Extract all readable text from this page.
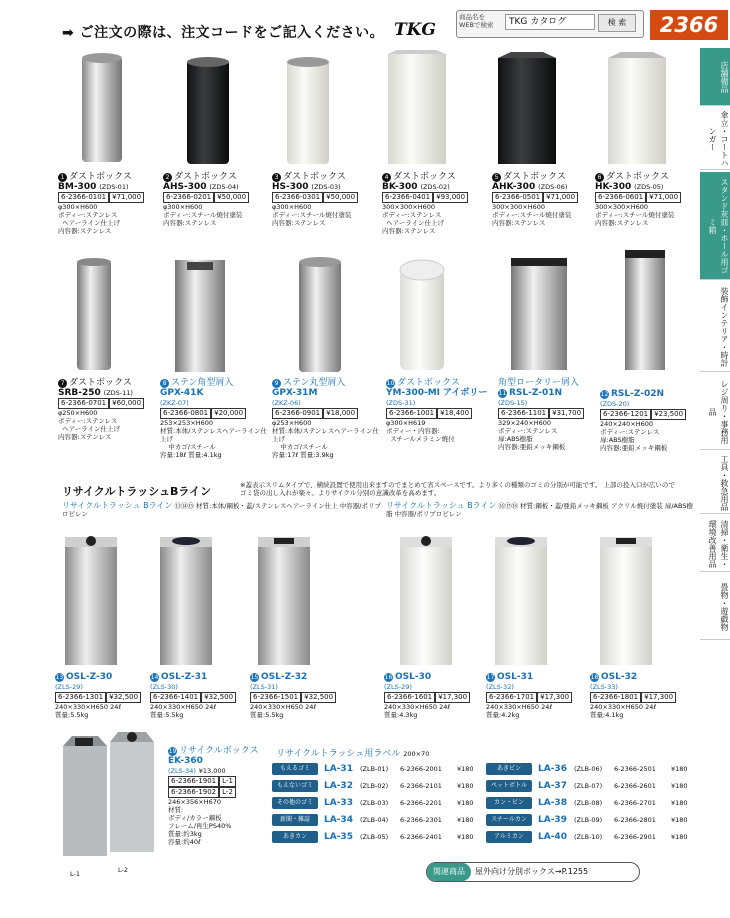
➡ ご注文の際は、注文コードをご記入ください。 TKG
商品名を WEBで検索	TKG カタログ	検 索	2366
店舗備品
傘立・コートハンガー
スタンド灰皿・ホール用ゴミ箱
装飾インテリア・時計
レジ周り・事務用品
工具・救急用品
清掃・衛生・環境改善用品
畳物・遊戯物
1 ダストボックス
BM-300 (ZDS-01)
6-2366-0101 ¥71,000
φ300×H600
ボディー:ステンレス
ヘアーライン仕上げ
内容器:ステンレス
2 ダストボックス
AHS-300 (ZDS-04)
6-2366-0201 ¥50,000
φ300×H600
ボディー:スチール焼付塗装
内容器:ステンレス
3 ダストボックス
HS-300 (ZDS-03)
6-2366-0301 ¥50,000
φ300×H600
ボディー:スチール焼付塗装
内容器:ステンレス
4 ダストボックス
BK-300 (ZDS-02)
6-2366-0401 ¥93,000
300×300×H600
ボディー:ステンレス
ヘアーライン仕上げ
内容器:ステンレス
5 ダストボックス
AHK-300 (ZDS-06)
6-2366-0501 ¥71,000
300×300×H600
ボディー:スチール焼付塗装
内容器:ステンレス
6 ダストボックス
HK-300 (ZDS-05)
6-2366-0601 ¥71,000
300×300×H600
ボディー:スチール焼付塗装
内容器:ステンレス
7 ダストボックス
SRB-250 (ZDS-11)
6-2366-0701 ¥60,000
φ250×H600
ボディー:ステンレス
ヘアーライン仕上げ
内容器:ステンレス
8 ステン角型屑入
GPX-41K
(ZKZ-07)
6-2366-0801 ¥20,000
253×253×H600
材質:本体/ステンレスヘアーライン仕上げ
中カゴ/スチール
容量:18ℓ 質量:4.1kg
9 ステン丸型屑入
GPX-31M
(ZKZ-06)
6-2366-0901 ¥18,000
φ253×H600
材質:本体/ステンレスヘアーライン仕上げ
中カゴ/スチール
容量:17ℓ 質量:3.9kg
10 ダストボックス
YM-300-MI アイボリー
(ZDS-31)
6-2366-1001 ¥18,400
φ300×H619
ボディー・内容器:
スチールメラミン焼付
角型ロータリー屑入
11 RSL-Z-01N
(ZDS-15)
6-2366-1101 ¥31,700
329×240×H600
ボディー:ステンレス
扉:ABS樹脂
内容器:亜鉛メッキ鋼板
12 RSL-Z-02N
(ZDS-20)
6-2366-1201 ¥23,500
240×240×H600
ボディー:ステンレス
扉:ABS樹脂
内容器:亜鉛メッキ鋼板
リサイクルトラッシュBライン	※蓋表示スリムタイプで、横続設置で使用出来ますのでまとめて省スペースです。より多くの種類のゴミの分別が可能です。 上部の投入口が広いのでゴミ袋の出し入れが楽々。よりサイクル分別の意識改革を高めます。
リサイクルトラッシュ Bライン ⑬⑭⑮ 材質:本体/鋼板・蓋/ステンレスヘアーライン仕上 中容器/ポリプロピレン
リサイクルトラッシュ Bライン ⑯⑰⑱ 材質:鋼板・蓋/亜鉛メッキ鋼板 アクリル焼付塗装 扉/ABS樹脂 中容器/ポリプロピレン
13 OSL-Z-30
(ZLS-29)
6-2366-1301 ¥32,500
240×330×H650 24ℓ
質量:5.5kg
14 OSL-Z-31
(ZLS-30)
6-2366-1401 ¥32,500
240×330×H650 24ℓ
質量:5.5kg
15 OSL-Z-32
(ZLS-31)
6-2366-1501 ¥32,500
240×330×H650 24ℓ
質量:5.5kg
16 OSL-30
(ZLS-29)
6-2366-1601 ¥17,300
240×330×H650 24ℓ
質量:4.3kg
17 OSL-31
(ZLS-32)
6-2366-1701 ¥17,300
240×330×H650 24ℓ
質量:4.2kg
18 OSL-32
(ZLS-33)
6-2366-1801 ¥17,300
240×330×H650 24ℓ
質量:4.1kg
L-1	L-2
19 リサイクルボックス
EK-360
(ZLS-34) ¥13,000
6-2366-1901 L-1
6-2366-1902 L-2
246×356×H670
材質:
ボディ/カラー鋼板
フレーム/再生PS40%
質量:約3kg
容量:約40ℓ
リサイクルトラッシュ用ラベル 200×70
もえるゴミ	LA-31 (ZLB-01) 6-2366-2001 ¥180
もえないゴミ	LA-32 (ZLB-02) 6-2366-2101 ¥180
その他のゴミ	LA-33 (ZLB-03) 6-2366-2201 ¥180
新聞・雑誌	LA-34 (ZLB-04) 6-2366-2301 ¥180
あきカン	LA-35 (ZLB-05) 6-2366-2401 ¥180
あきビン	LA-36 (ZLB-06) 6-2366-2501 ¥180
ペットボトル	LA-37 (ZLB-07) 6-2366-2601 ¥180
カン・ビン	LA-38 (ZLB-08) 6-2366-2701 ¥180
スチールカン	LA-39 (ZLB-09) 6-2366-2801 ¥180
アルミカン	LA-40 (ZLB-10) 6-2366-2901 ¥180
関連商品 屋外向け分別ボックス→P.1255
